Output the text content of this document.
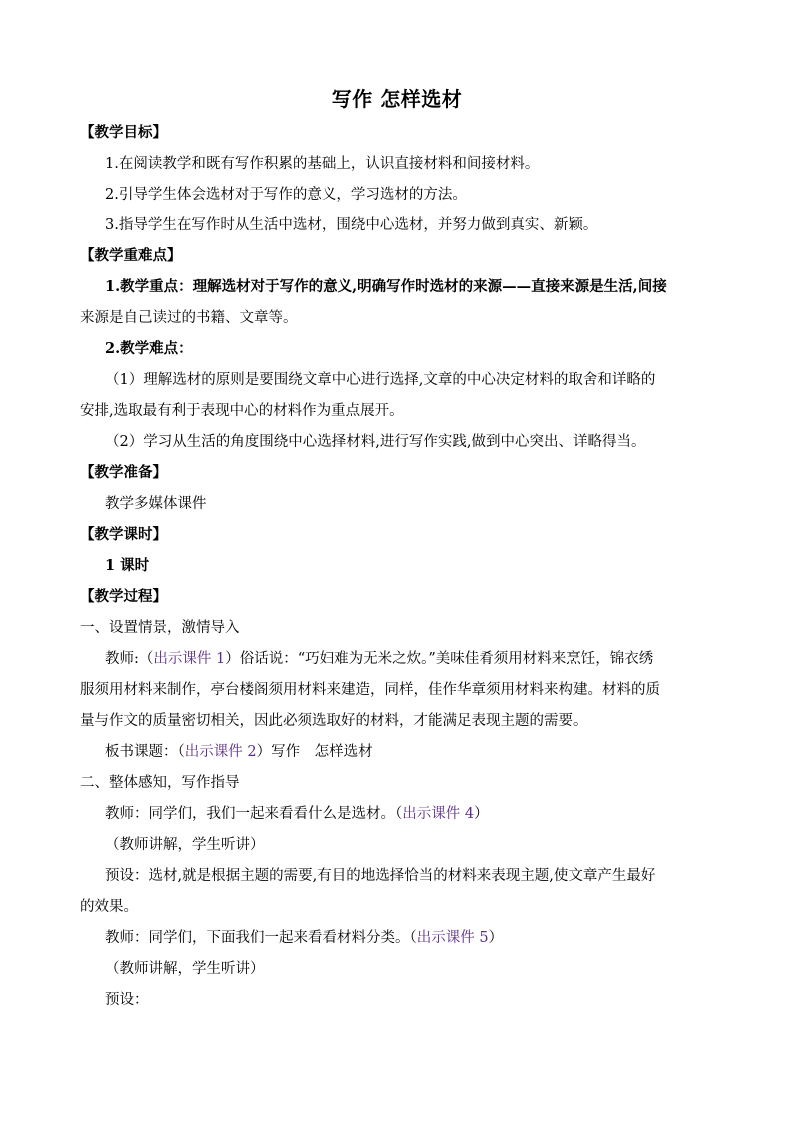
写作 怎样选材
【教学目标】
1.在阅读教学和既有写作积累的基础上，认识直接材料和间接材料。
2.引导学生体会选材对于写作的意义，学习选材的方法。
3.指导学生在写作时从生活中选材，围绕中心选材，并努力做到真实、新颖。
【教学重难点】
1.教学重点：理解选材对于写作的意义,明确写作时选材的来源——直接来源是生活,间接
来源是自己读过的书籍、文章等。
2.教学难点：
（1）理解选材的原则是要围绕文章中心进行选择,文章的中心决定材料的取舍和详略的
安排,选取最有利于表现中心的材料作为重点展开。
（2）学习从生活的角度围绕中心选择材料,进行写作实践,做到中心突出、详略得当。
【教学准备】
教学多媒体课件
【教学课时】
1 课时
【教学过程】
一、设置情景，激情导入
教师:（出示课件 1）俗话说：“巧妇难为无米之炊。”美味佳肴须用材料来烹饪，锦衣绣
服须用材料来制作，亭台楼阁须用材料来建造，同样，佳作华章须用材料来构建。材料的质
量与作文的质量密切相关，因此必须选取好的材料，才能满足表现主题的需要。
板书课题：（出示课件 2）写作　怎样选材
二、整体感知，写作指导
教师：同学们，我们一起来看看什么是选材。（出示课件 4）
（教师讲解，学生听讲）
预设：选材,就是根据主题的需要,有目的地选择恰当的材料来表现主题,使文章产生最好
的效果。
教师：同学们，下面我们一起来看看材料分类。（出示课件 5）
（教师讲解，学生听讲）
预设：
